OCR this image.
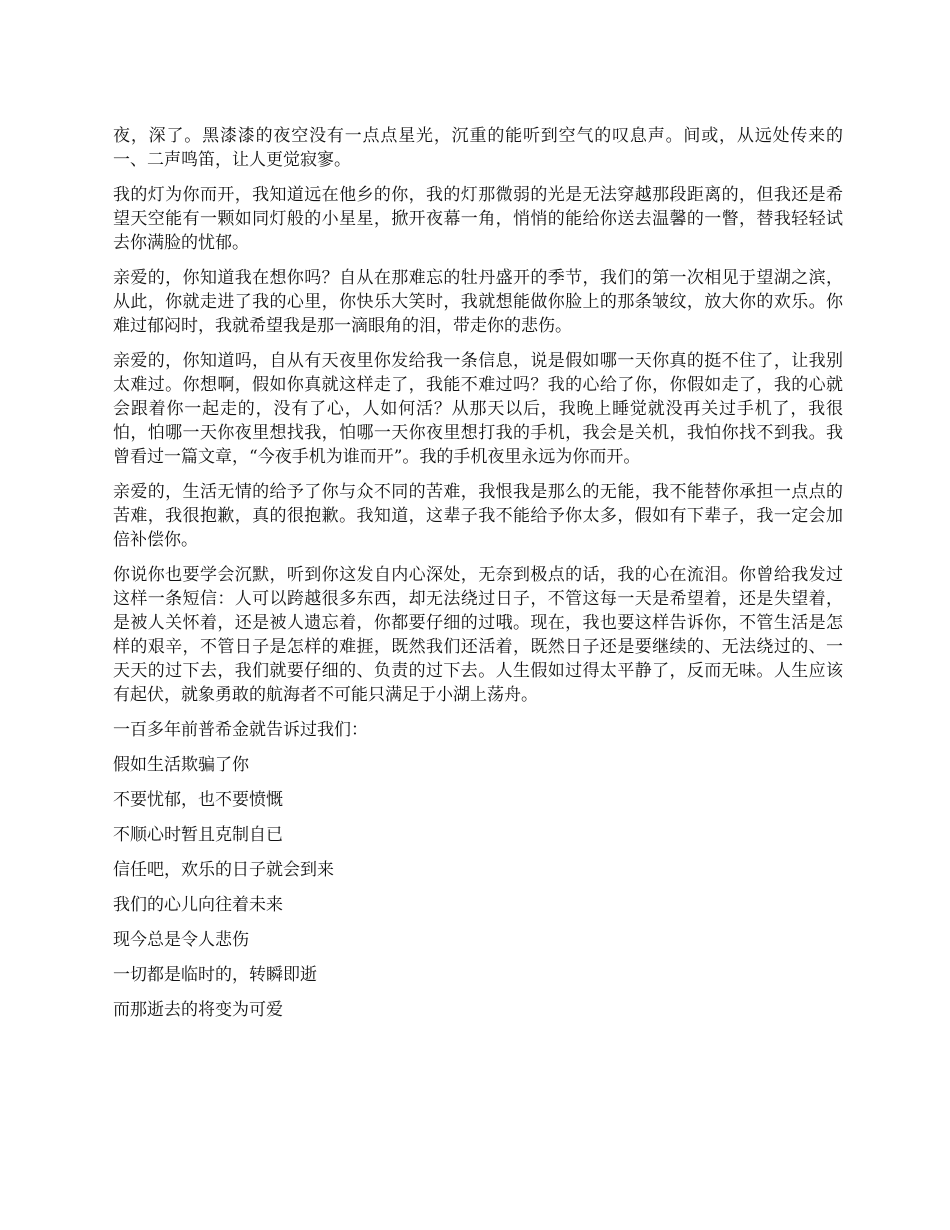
夜，深了。黑漆漆的夜空没有一点点星光，沉重的能听到空气的叹息声。间或，从远处传来的一、二声鸣笛，让人更觉寂寥。

我的灯为你而开，我知道远在他乡的你，我的灯那微弱的光是无法穿越那段距离的，但我还是希望天空能有一颗如同灯般的小星星，掀开夜幕一角，悄悄的能给你送去温馨的一瞥，替我轻轻试去你满脸的忧郁。

亲爱的，你知道我在想你吗？自从在那难忘的牡丹盛开的季节，我们的第一次相见于望湖之滨，从此，你就走进了我的心里，你快乐大笑时，我就想能做你脸上的那条皱纹，放大你的欢乐。你难过郁闷时，我就希望我是那一滴眼角的泪，带走你的悲伤。

亲爱的，你知道吗，自从有天夜里你发给我一条信息，说是假如哪一天你真的挺不住了，让我别太难过。你想啊，假如你真就这样走了，我能不难过吗？我的心给了你，你假如走了，我的心就会跟着你一起走的，没有了心，人如何活？从那天以后，我晚上睡觉就没再关过手机了，我很怕，怕哪一天你夜里想找我，怕哪一天你夜里想打我的手机，我会是关机，我怕你找不到我。我曾看过一篇文章，“今夜手机为谁而开”。我的手机夜里永远为你而开。

亲爱的，生活无情的给予了你与众不同的苦难，我恨我是那么的无能，我不能替你承担一点点的苦难，我很抱歉，真的很抱歉。我知道，这辈子我不能给予你太多，假如有下辈子，我一定会加倍补偿你。

你说你也要学会沉默，听到你这发自内心深处，无奈到极点的话，我的心在流泪。你曾给我发过这样一条短信：人可以跨越很多东西，却无法绕过日子，不管这每一天是希望着，还是失望着，是被人关怀着，还是被人遗忘着，你都要仔细的过哦。现在，我也要这样告诉你，不管生活是怎样的艰辛，不管日子是怎样的难捱，既然我们还活着，既然日子还是要继续的、无法绕过的、一天天的过下去，我们就要仔细的、负责的过下去。人生假如过得太平静了，反而无味。人生应该有起伏，就象勇敢的航海者不可能只满足于小湖上荡舟。

一百多年前普希金就告诉过我们：

假如生活欺骗了你

不要忧郁，也不要愤慨

不顺心时暂且克制自已

信任吧，欢乐的日子就会到来

我们的心儿向往着未来

现今总是令人悲伤

一切都是临时的，转瞬即逝

而那逝去的将变为可爱
